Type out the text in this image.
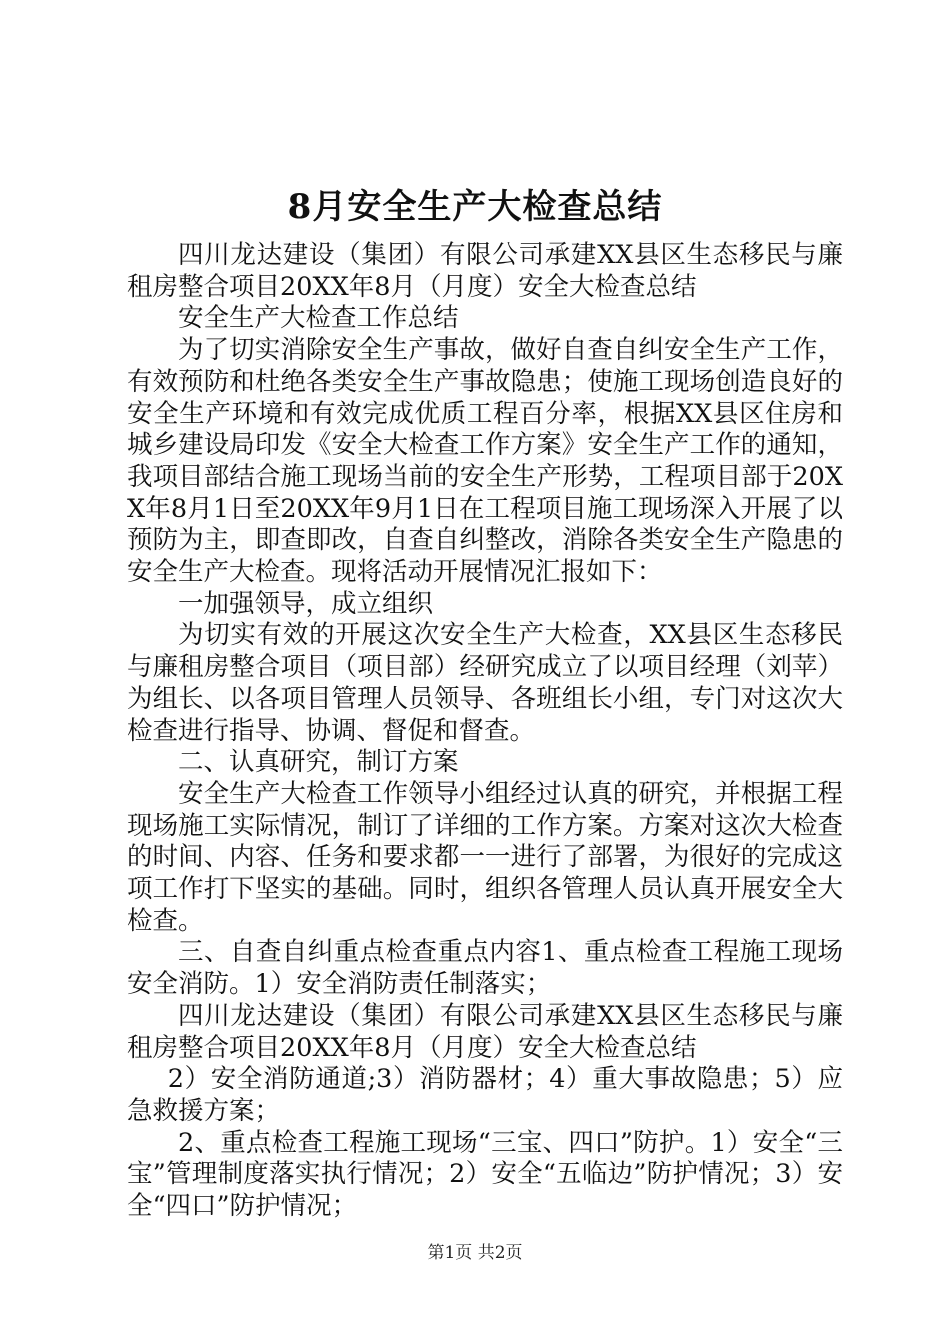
8月安全生产大检查总结

四川龙达建设（集团）有限公司承建XX县区生态移民与廉租房整合项目20XX年8月（月度）安全大检查总结

安全生产大检查工作总结

为了切实消除安全生产事故，做好自查自纠安全生产工作，有效预防和杜绝各类安全生产事故隐患；使施工现场创造良好的安全生产环境和有效完成优质工程百分率，根据XX县区住房和城乡建设局印发《安全大检查工作方案》安全生产工作的通知，我项目部结合施工现场当前的安全生产形势，工程项目部于20XX年8月1日至20XX年9月1日在工程项目施工现场深入开展了以预防为主，即查即改，自查自纠整改，消除各类安全生产隐患的安全生产大检查。现将活动开展情况汇报如下：

一加强领导，成立组织

为切实有效的开展这次安全生产大检查，XX县区生态移民与廉租房整合项目（项目部）经研究成立了以项目经理（刘苹）为组长、以各项目管理人员领导、各班组长小组，专门对这次大检查进行指导、协调、督促和督查。

二、认真研究，制订方案

安全生产大检查工作领导小组经过认真的研究，并根据工程现场施工实际情况，制订了详细的工作方案。方案对这次大检查的时间、内容、任务和要求都一一进行了部署，为很好的完成这项工作打下坚实的基础。同时，组织各管理人员认真开展安全大检查。

三、自查自纠重点检查重点内容1、重点检查工程施工现场安全消防。1）安全消防责任制落实；

四川龙达建设（集团）有限公司承建XX县区生态移民与廉租房整合项目20XX年8月（月度）安全大检查总结

2）安全消防通道;3）消防器材；4）重大事故隐患；5）应急救援方案；

2、重点检查工程施工现场“三宝、四口”防护。1）安全“三宝”管理制度落实执行情况；2）安全“五临边”防护情况；3）安全“四口”防护情况；

第1页 共2页
